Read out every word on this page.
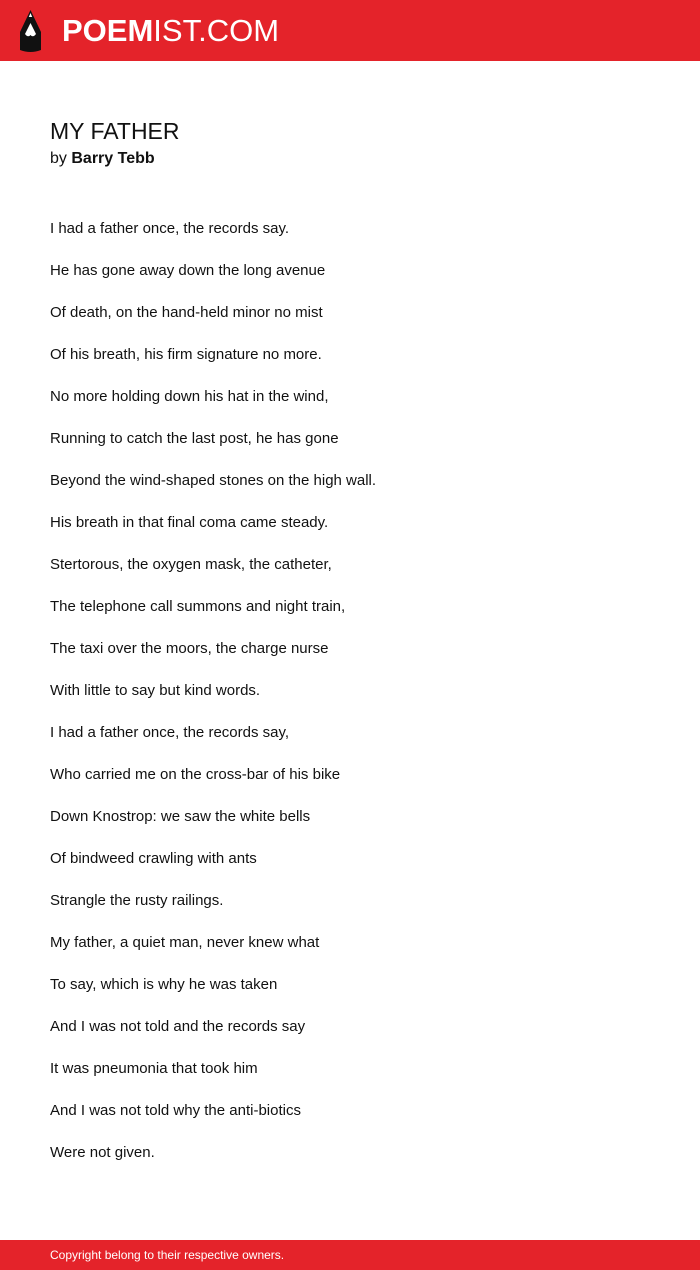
POEMIST.COM
MY FATHER
by Barry Tebb
I had a father once, the records say.
He has gone away down the long avenue
Of death, on the hand-held minor no mist
Of his breath, his firm signature no more.
No more holding down his hat in the wind,
Running to catch the last post, he has gone
Beyond the wind-shaped stones on the high wall.
His breath in that final coma came steady.
Stertorous, the oxygen mask, the catheter,
The telephone call summons and night train,
The taxi over the moors, the charge nurse
With little to say but kind words.
I had a father once, the records say,
Who carried me on the cross-bar of his bike
Down Knostrop: we saw the white bells
Of bindweed crawling with ants
Strangle the rusty railings.
My father, a quiet man, never knew what
To say, which is why he was taken
And I was not told and the records say
It was pneumonia that took him
And I was not told why the anti-biotics
Were not given.
Copyright belong to their respective owners.
